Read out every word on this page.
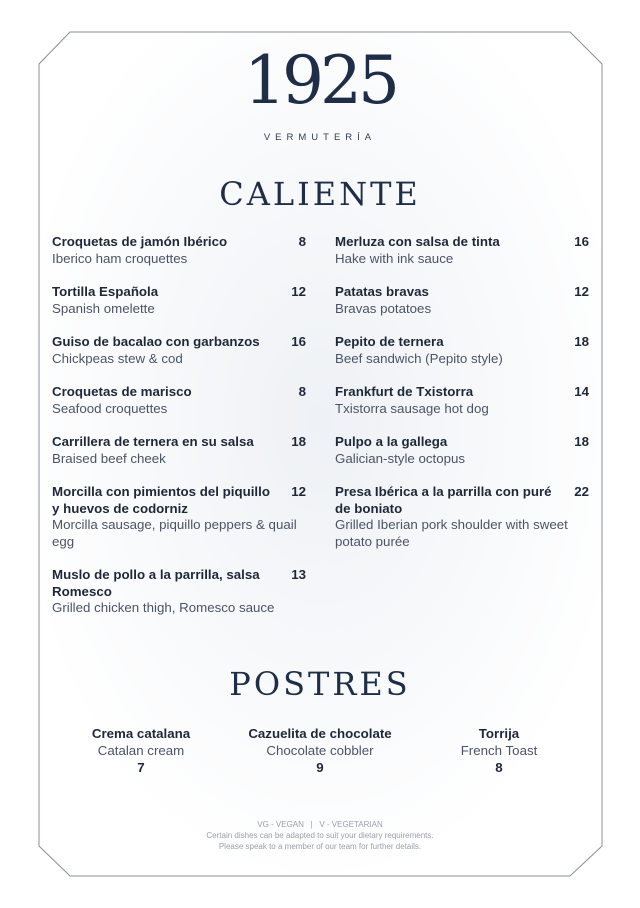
1925
VERMUTERÍA
CALIENTE
Croquetas de jamón Ibérico
Iberico ham croquettes
8
Tortilla Española
Spanish omelette
12
Guiso de bacalao con garbanzos
Chickpeas stew & cod
16
Croquetas de marisco
Seafood croquettes
8
Carrillera de ternera en su salsa
Braised beef cheek
18
Morcilla con pimientos del piquillo y huevos de codorniz
Morcilla sausage, piquillo peppers & quail egg
12
Muslo de pollo a la parrilla, salsa Romesco
Grilled chicken thigh, Romesco sauce
13
Merluza con salsa de tinta
Hake with ink sauce
16
Patatas bravas
Bravas potatoes
12
Pepito de ternera
Beef sandwich (Pepito style)
18
Frankfurt de Txistorra
Txistorra sausage hot dog
14
Pulpo a la gallega
Galician-style octopus
18
Presa Ibérica a la parrilla con puré de boniato
Grilled Iberian pork shoulder with sweet potato purée
22
POSTRES
Crema catalana
Catalan cream
7
Cazuelita de chocolate
Chocolate cobbler
9
Torrija
French Toast
8
VG - VEGAN   |   V - VEGETARIAN
Certain dishes can be adapted to suit your dietary requirements.
Please speak to a member of our team for further details.
